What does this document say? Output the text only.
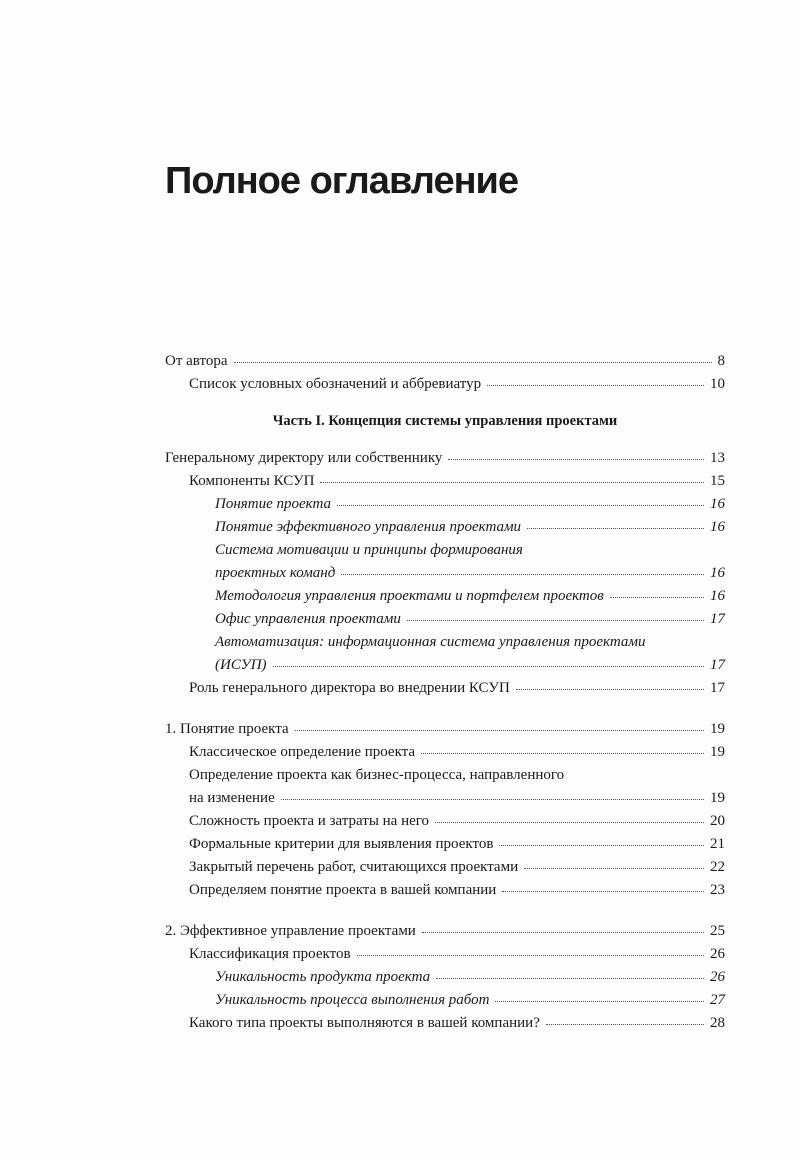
Полное оглавление
От автора	8
Список условных обозначений и аббревиатур	10
Часть I. Концепция системы управления проектами
Генеральному директору или собственнику	13
Компоненты КСУП	15
Понятие проекта	16
Понятие эффективного управления проектами	16
Система мотивации и принципы формирования
проектных команд	16
Методология управления проектами и портфелем проектов	16
Офис управления проектами	17
Автоматизация: информационная система управления проектами
(ИСУП)	17
Роль генерального директора во внедрении КСУП	17
1. Понятие проекта	19
Классическое определение проекта	19
Определение проекта как бизнес-процесса, направленного
на изменение	19
Сложность проекта и затраты на него	20
Формальные критерии для выявления проектов	21
Закрытый перечень работ, считающихся проектами	22
Определяем понятие проекта в вашей компании	23
2. Эффективное управление проектами	25
Классификация проектов	26
Уникальность продукта проекта	26
Уникальность процесса выполнения работ	27
Какого типа проекты выполняются в вашей компании?	28
